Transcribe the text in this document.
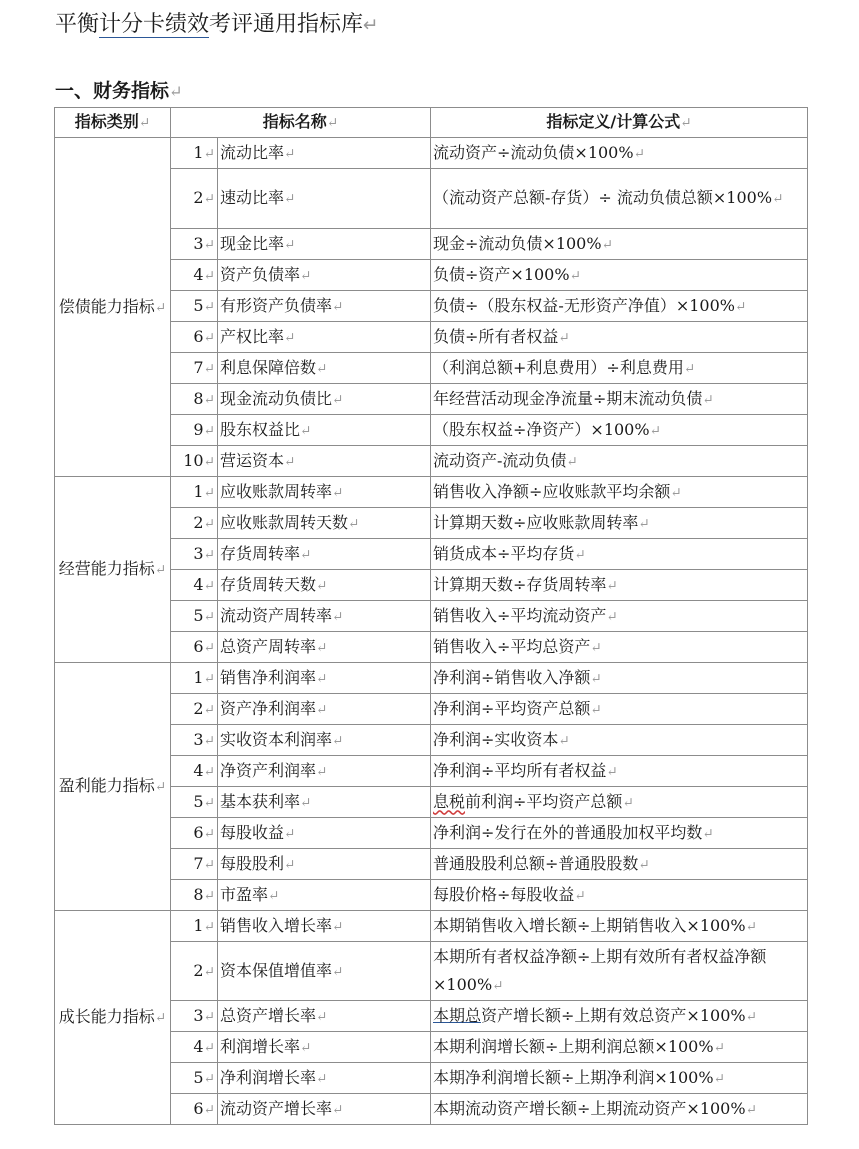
平衡计分卡绩效考评通用指标库↵
一、财务指标↵
指标类别↵	指标名称↵		指标定义/计算公式↵
偿债能力指标↵	1↵	流动比率↵	流动资产÷流动负债×100%↵
	2↵	速动比率↵	（流动资产总额-存货）÷ 流动负债总额×100%↵
	3↵	现金比率↵	现金÷流动负债×100%↵
	4↵	资产负债率↵	负债÷资产×100%↵
	5↵	有形资产负债率↵	负债÷（股东权益-无形资产净值）×100%↵
	6↵	产权比率↵	负债÷所有者权益↵
	7↵	利息保障倍数↵	（利润总额+利息费用）÷利息费用↵
	8↵	现金流动负债比↵	年经营活动现金净流量÷期末流动负债↵
	9↵	股东权益比↵	（股东权益÷净资产）×100%↵
	10↵	营运资本↵	流动资产-流动负债↵
经营能力指标↵	1↵	应收账款周转率↵	销售收入净额÷应收账款平均余额↵
	2↵	应收账款周转天数↵	计算期天数÷应收账款周转率↵
	3↵	存货周转率↵	销货成本÷平均存货↵
	4↵	存货周转天数↵	计算期天数÷存货周转率↵
	5↵	流动资产周转率↵	销售收入÷平均流动资产↵
	6↵	总资产周转率↵	销售收入÷平均总资产↵
盈利能力指标↵	1↵	销售净利润率↵	净利润÷销售收入净额↵
	2↵	资产净利润率↵	净利润÷平均资产总额↵
	3↵	实收资本利润率↵	净利润÷实收资本↵
	4↵	净资产利润率↵	净利润÷平均所有者权益↵
	5↵	基本获利率↵	息税前利润÷平均资产总额↵
	6↵	每股收益↵	净利润÷发行在外的普通股加权平均数↵
	7↵	每股股利↵	普通股股利总额÷普通股股数↵
	8↵	市盈率↵	每股价格÷每股收益↵
成长能力指标↵	1↵	销售收入增长率↵	本期销售收入增长额÷上期销售收入×100%↵
	2↵	资本保值增值率↵	本期所有者权益净额÷上期有效所有者权益净额×100%↵
	3↵	总资产增长率↵	本期总资产增长额÷上期有效总资产×100%↵
	4↵	利润增长率↵	本期利润增长额÷上期利润总额×100%↵
	5↵	净利润增长率↵	本期净利润增长额÷上期净利润×100%↵
	6↵	流动资产增长率↵	本期流动资产增长额÷上期流动资产×100%↵
